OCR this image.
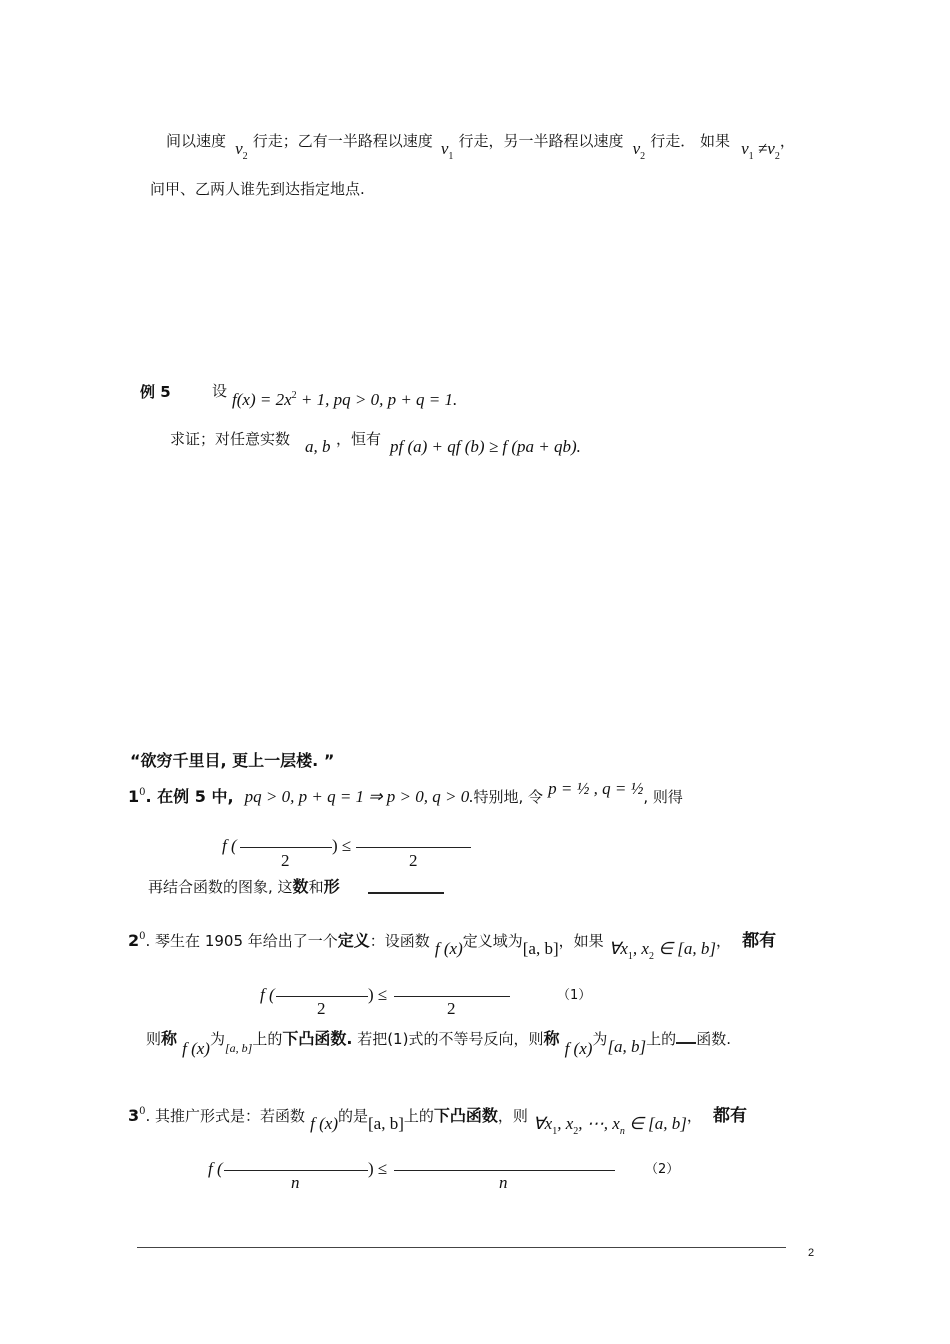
间以速度 $v_2$ 行走；乙有一半路程以速度 $v_1$ 行走，另一半路程以速度 $v_2$ 行走． 如果 $v_1 \ne v_2$，
问甲、乙两人谁先到达指定地点.
例 5	设 $f(x) = 2x^2 + 1$, pq > 0, p + q = 1.
求证；对任意实数 a, b ，恒有 pf (a) + qf (b) ≥ f (pa + qb).
“欲穷千里目, 更上一层楼. ”
$1^0$. 在例 5 中, pq > 0, p + q = 1 ⇒ p > 0, q > 0.特别地, 令 p = ½ , q = ½, 则得
f (	) ≤
2	2
再结合函数的图象, 这数和形
$2^0$. 琴生在 1905 年给出了一个定义：设函数 f (x)定义域为[a, b]，如果 $\forall x_1$, $x_2$ ∈ [a, b]， 都有
f (	) ≤
2	2
（1）
则称 f (x)为$_{[a, b]}$上的下凸函数. 若把(1)式的不等号反向，则称 f (x)为[a, b]上的 函数.
$3^0$. 其推广形式是：若函数 f (x)的是[a, b]上的下凸函数，则 $\forall x_1$, $x_2$, ⋯, $x_n$ ∈ [a, b]， 都有
f (	) ≤
n	n
（2）
2
